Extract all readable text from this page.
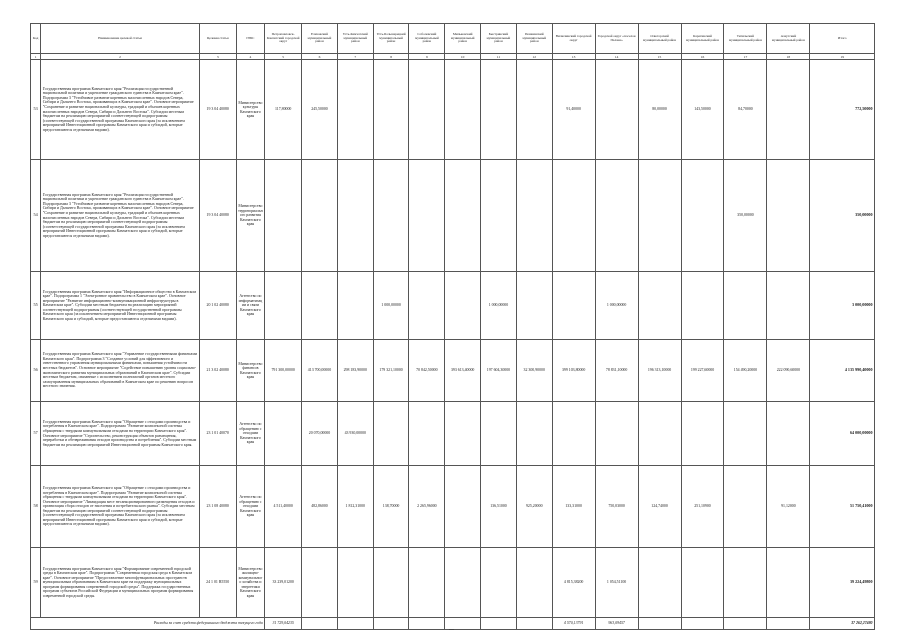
Код	Наименование целевой статьи	Целевая статья	ГРБС	Петропавловск-Камчатский городской округ	Елизовский муниципальный район	Усть-Камчатский муниципальный район	Усть-Большерецкий муниципальный район	Соболевский муниципальный район	Мильковский муниципальный район	Быстринский муниципальный район	Пенжинский муниципальный район	Вилючинский городской округ	Городской округ «поселок Палана»	Олюторский муниципальный район	Карагинский муниципальный район	Тигильский муниципальный район	Алеутский муниципальный район	Итого
1	2	3	4	5	6	7	8	9	10	11	12	13	14	15	16	17	18	19
53	Государственная программа Камчатского края "Реализация государственной национальной политики и укрепление гражданского единства в Камчатском крае". Подпрограмма 3 "Устойчивое развитие коренных малочисленных народов Севера, Сибири и Дальнего Востока, проживающих в Камчатском крае". Основное мероприятие "Сохранение и развитие национальной культуры, традиций и обычаев коренных малочисленных народов Севера, Сибири и Дальнего Востока". Субсидии местным бюджетам на реализацию мероприятий соответствующей подпрограммы (соответствующей государственной программы Камчатского края (за исключением мероприятий Инвестиционной программы Камчатского края и субсидий, которые предоставляются отдельными видами).	19 3 04 40080	Министерство культуры Камчатского края	117,80000	245,50000							91,40000		80,00000	143,50000	84,70000		772,50000
54	Государственная программа Камчатского края "Реализация государственной национальной политики и укрепление гражданского единства в Камчатском крае". Подпрограмма 3 "Устойчивое развитие коренных малочисленных народов Севера, Сибири и Дальнего Востока, проживающих в Камчатском крае". Основное мероприятие "Сохранение и развитие национальной культуры, традиций и обычаев коренных малочисленных народов Севера, Сибири и Дальнего Востока". Субсидии местным бюджетам на реализацию мероприятий соответствующей подпрограммы (соответствующей государственной программы Камчатского края (за исключением мероприятий Инвестиционной программы Камчатского края и субсидий, которые предоставляются отдельными видами).	19 3 04 40080	Министерство территориального развития Камчатского края													350,00000		350,00000
55	Государственная программа Камчатского края "Информационное общество в Камчатском крае". Подпрограмма 1 "Электронное правительство в Камчатском крае". Основное мероприятие "Развитие информационно-коммуникационной инфраструктуры в Камчатском крае". Субсидии местным бюджетам на реализацию мероприятий соответствующей подпрограммы (соответствующей государственной программы Камчатского края (за исключением мероприятий Инвестиционной программы Камчатского края и субсидий, которые предоставляются отдельными видами).	20 1 02 40080	Агентство по информатизации и связи Камчатского края				1 000,00000			1 000,00000			1 000,00000					3 000,00000
56	Государственная программа Камчатского края "Управление государственными финансами Камчатского края". Подпрограмма 3 "Создание условий для эффективного и ответственного управления муниципальными финансами, повышения устойчивости местных бюджетов". Основное мероприятие "Содействие повышению уровня социально-экономического развития муниципальных образований в Камчатском крае". Субсидии местным бюджетам, связанные с исполнением полномочий органов местного самоуправления муниципальных образований в Камчатском крае по решению вопросов местного значения.	21 3 02 40080	Министерство финансов Камчатского края	791 300,00000	413 700,00000	298 183,90000	179 321,10000	70 842,50000	393 613,40000	197 604,30000	32 300,90000	399 103,80000	78 831,10000	196 313,10000	199 227,60000	154 490,20000	222 090,60000	4 135 990,40000
57	Государственная программа Камчатского края "Обращение с отходами производства и потребления в Камчатском крае". Подпрограмма "Развитие комплексной системы обращения с твердыми коммунальными отходами на территории Камчатского края". Основное мероприятие "Строительство, реконструкция объектов размещения, переработки и обезвреживания отходов производства и потребления". Субсидии местным бюджетам на реализацию мероприятий Инвестиционной программы Камчатского края.	23 1 01 40070	Агентство по обращению с отходами Камчатского края		20 070,00000	43 930,00000												64 000,00000
58	Государственная программа Камчатского края "Обращение с отходами производства и потребления в Камчатском крае". Подпрограмма "Развитие комплексной системы обращения с твердыми коммунальными отходами на территории Камчатского края". Основное мероприятие "Ликвидация мест несанкционированного размещения отходов и организация сбора отходов от населения и потребительского рынка". Субсидии местным бюджетам на реализацию мероприятий соответствующей подпрограммы (соответствующей государственной программы Камчатского края (за исключением мероприятий Инвестиционной программы Камчатского края и субсидий, которые предоставляются отдельными видами).	23 1 08 40080	Агентство по обращению с отходами Камчатского края	4 511,40000	482,86000	1 812,31000	138,70000	2 265,96000		136,51000	925,20000	133,31000	750,03000	124,74000	251,10900		91,12000	51 750,41000
59	Государственная программа Камчатского края "Формирование современной городской среды в Камчатском крае". Подпрограмма "Современная городская среда в Камчатском крае". Основное мероприятие "Предоставление многофункциональных пространств муниципальным образованиям в Камчатском крае на поддержку муниципальных программ формирования современной городской среды". Поддержка государственных программ субъектов Российской Федерации и муниципальных программ формирования современной городской среды.	24 1 01 R5550	Министерство жилищно-коммунального хозяйства и энергетики Камчатского края	33 239,01200								4 815,38200	1 054,51100					39 224,49800
Расходы за счет средств федерального бюджета текущего года				31 729,04235								4 570,13791	963,09457					37 262,27480
—
